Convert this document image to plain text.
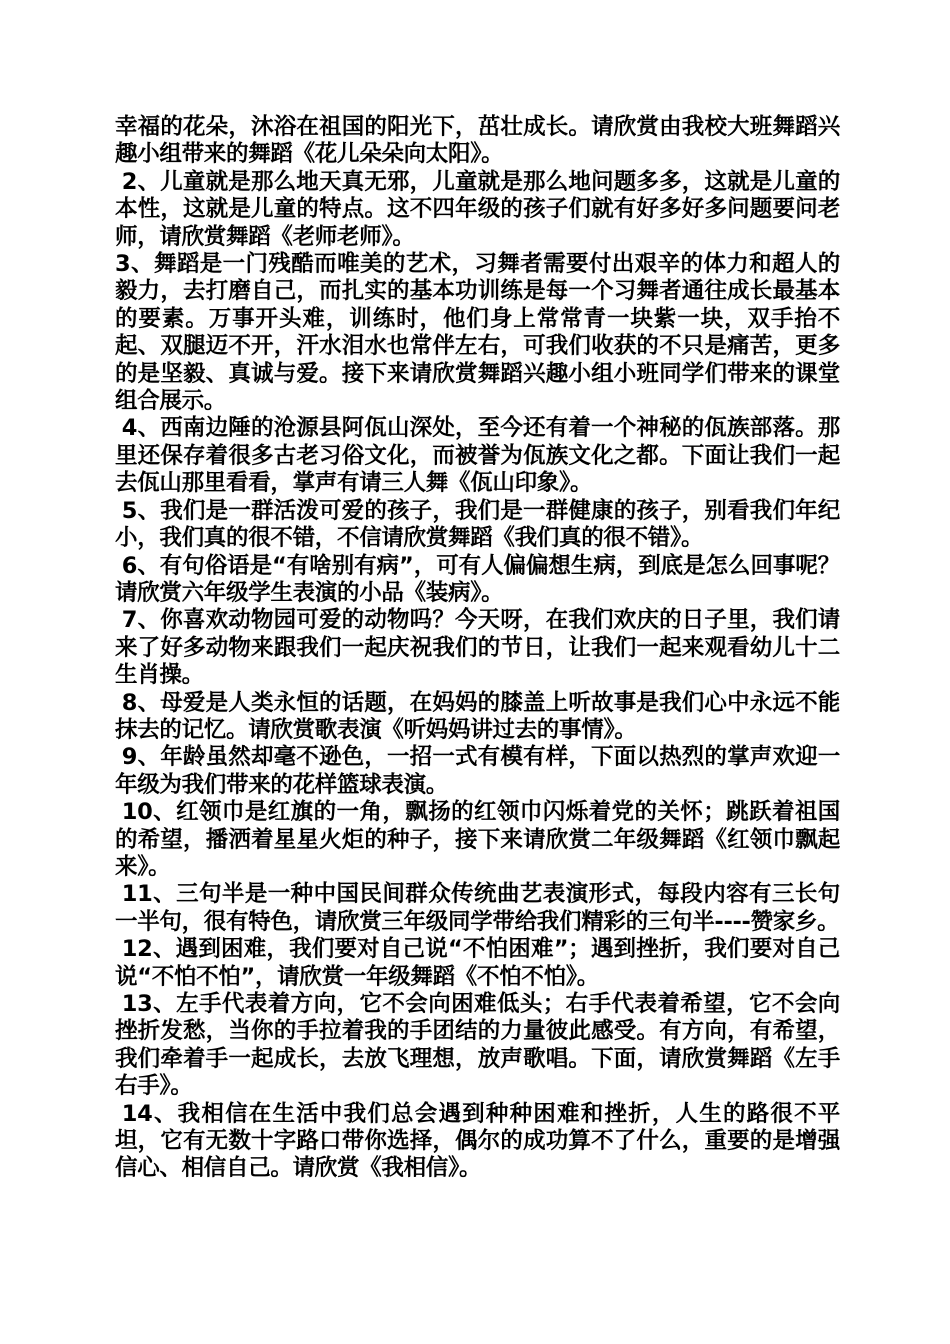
幸福的花朵，沐浴在祖国的阳光下，茁壮成长。请欣赏由我校大班舞蹈兴趣小组带来的舞蹈《花儿朵朵向太阳》。

2、儿童就是那么地天真无邪，儿童就是那么地问题多多，这就是儿童的本性，这就是儿童的特点。这不四年级的孩子们就有好多好多问题要问老师，请欣赏舞蹈《老师老师》。

3、舞蹈是一门残酷而唯美的艺术，习舞者需要付出艰辛的体力和超人的毅力，去打磨自己，而扎实的基本功训练是每一个习舞者通往成长最基本的要素。万事开头难，训练时，他们身上常常青一块紫一块，双手抬不起、双腿迈不开，汗水泪水也常伴左右，可我们收获的不只是痛苦，更多的是坚毅、真诚与爱。接下来请欣赏舞蹈兴趣小组小班同学们带来的课堂组合展示。

4、西南边陲的沧源县阿佤山深处，至今还有着一个神秘的佤族部落。那里还保存着很多古老习俗文化，而被誉为佤族文化之都。下面让我们一起去佤山那里看看，掌声有请三人舞《佤山印象》。

5、我们是一群活泼可爱的孩子，我们是一群健康的孩子，别看我们年纪小，我们真的很不错，不信请欣赏舞蹈《我们真的很不错》。

6、有句俗语是“有啥别有病”，可有人偏偏想生病，到底是怎么回事呢？请欣赏六年级学生表演的小品《装病》。

7、你喜欢动物园可爱的动物吗？今天呀，在我们欢庆的日子里，我们请来了好多动物来跟我们一起庆祝我们的节日，让我们一起来观看幼儿十二生肖操。

8、母爱是人类永恒的话题，在妈妈的膝盖上听故事是我们心中永远不能抹去的记忆。请欣赏歌表演《听妈妈讲过去的事情》。

9、年龄虽然却毫不逊色，一招一式有模有样，下面以热烈的掌声欢迎一年级为我们带来的花样篮球表演。

10、红领巾是红旗的一角，飘扬的红领巾闪烁着党的关怀；跳跃着祖国的希望，播洒着星星火炬的种子，接下来请欣赏二年级舞蹈《红领巾飘起来》。

11、三句半是一种中国民间群众传统曲艺表演形式，每段内容有三长句一半句，很有特色，请欣赏三年级同学带给我们精彩的三句半----赞家乡。

12、遇到困难，我们要对自己说“不怕困难”；遇到挫折，我们要对自己说“不怕不怕”，请欣赏一年级舞蹈《不怕不怕》。

13、左手代表着方向，它不会向困难低头；右手代表着希望，它不会向挫折发愁，当你的手拉着我的手团结的力量彼此感受。有方向，有希望，我们牵着手一起成长，去放飞理想，放声歌唱。下面，请欣赏舞蹈《左手右手》。

14、我相信在生活中我们总会遇到种种困难和挫折，人生的路很不平坦，它有无数十字路口带你选择，偶尔的成功算不了什么，重要的是增强信心、相信自己。请欣赏《我相信》。
